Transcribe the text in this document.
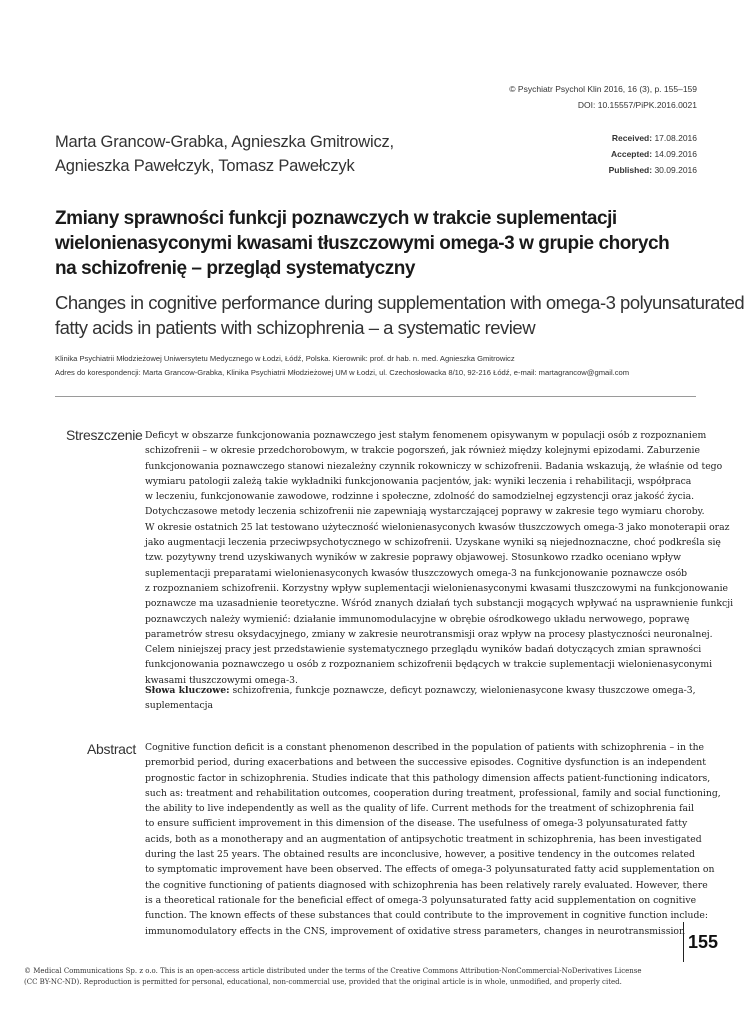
© Psychiatr Psychol Klin 2016, 16 (3), p. 155–159
DOI: 10.15557/PiPK.2016.0021
Marta Grancow-Grabka, Agnieszka Gmitrowicz,
Agnieszka Pawełczyk, Tomasz Pawełczyk
Received: 17.08.2016
Accepted: 14.09.2016
Published: 30.09.2016
Zmiany sprawności funkcji poznawczych w trakcie suplementacji
wielonienasyconymi kwasami tłuszczowymi omega-3 w grupie chorych
na schizofrenię – przegląd systematyczny
Changes in cognitive performance during supplementation with omega-3 polyunsaturated
fatty acids in patients with schizophrenia – a systematic review
Klinika Psychiatrii Młodzieżowej Uniwersytetu Medycznego w Łodzi, Łódź, Polska. Kierownik: prof. dr hab. n. med. Agnieszka Gmitrowicz
Adres do korespondencji: Marta Grancow-Grabka, Klinika Psychiatrii Młodzieżowej UM w Łodzi, ul. Czechosłowacka 8/10, 92-216 Łódź, e-mail: martagrancow@gmail.com
Streszczenie Deficyt w obszarze funkcjonowania poznawczego jest stałym fenomenem opisywanym w populacji osób z rozpoznaniem
schizofrenii – w okresie przedchorobowym, w trakcie pogorszeń, jak również między kolejnymi epizodami. Zaburzenie
funkcjonowania poznawczego stanowi niezależny czynnik rokowniczy w schizofrenii. Badania wskazują, że właśnie od tego
wymiaru patologii zależą takie wykładniki funkcjonowania pacjentów, jak: wyniki leczenia i rehabilitacji, współpraca
w leczeniu, funkcjonowanie zawodowe, rodzinne i społeczne, zdolność do samodzielnej egzystencji oraz jakość życia.
Dotychczasowe metody leczenia schizofrenii nie zapewniają wystarczającej poprawy w zakresie tego wymiaru choroby.
W okresie ostatnich 25 lat testowano użyteczność wielonienasyconych kwasów tłuszczowych omega-3 jako monoterapii oraz
jako augmentacji leczenia przeciwpsychotycznego w schizofrenii. Uzyskane wyniki są niejednoznaczne, choć podkreśla się
tzw. pozytywny trend uzyskiwanych wyników w zakresie poprawy objawowej. Stosunkowo rzadko oceniano wpływ
suplementacji preparatami wielonienasyconych kwasów tłuszczowych omega-3 na funkcjonowanie poznawcze osób
z rozpoznaniem schizofrenii. Korzystny wpływ suplementacji wielonienasyconymi kwasami tłuszczowymi na funkcjonowanie
poznawcze ma uzasadnienie teoretyczne. Wśród znanych działań tych substancji mogących wpływać na usprawnienie funkcji
poznawczych należy wymienić: działanie immunomodulacyjne w obrębie ośrodkowego układu nerwowego, poprawę
parametrów stresu oksydacyjnego, zmiany w zakresie neurotransmisji oraz wpływ na procesy plastyczności neuronalnej.
Celem niniejszej pracy jest przedstawienie systematycznego przeglądu wyników badań dotyczących zmian sprawności
funkcjonowania poznawczego u osób z rozpoznaniem schizofrenii będących w trakcie suplementacji wielonienasyconymi
kwasami tłuszczowymi omega-3.
Słowa kluczowe: schizofrenia, funkcje poznawcze, deficyt poznawczy, wielonienasycone kwasy tłuszczowe omega-3,
suplementacja
Abstract Cognitive function deficit is a constant phenomenon described in the population of patients with schizophrenia – in the
premorbid period, during exacerbations and between the successive episodes. Cognitive dysfunction is an independent
prognostic factor in schizophrenia. Studies indicate that this pathology dimension affects patient-functioning indicators,
such as: treatment and rehabilitation outcomes, cooperation during treatment, professional, family and social functioning,
the ability to live independently as well as the quality of life. Current methods for the treatment of schizophrenia fail
to ensure sufficient improvement in this dimension of the disease. The usefulness of omega-3 polyunsaturated fatty
acids, both as a monotherapy and an augmentation of antipsychotic treatment in schizophrenia, has been investigated
during the last 25 years. The obtained results are inconclusive, however, a positive tendency in the outcomes related
to symptomatic improvement have been observed. The effects of omega-3 polyunsaturated fatty acid supplementation on
the cognitive functioning of patients diagnosed with schizophrenia has been relatively rarely evaluated. However, there
is a theoretical rationale for the beneficial effect of omega-3 polyunsaturated fatty acid supplementation on cognitive
function. The known effects of these substances that could contribute to the improvement in cognitive function include:
immunomodulatory effects in the CNS, improvement of oxidative stress parameters, changes in neurotransmission
155
© Medical Communications Sp. z o.o. This is an open-access article distributed under the terms of the Creative Commons Attribution-NonCommercial-NoDerivatives License
(CC BY-NC-ND). Reproduction is permitted for personal, educational, non-commercial use, provided that the original article is in whole, unmodified, and properly cited.
